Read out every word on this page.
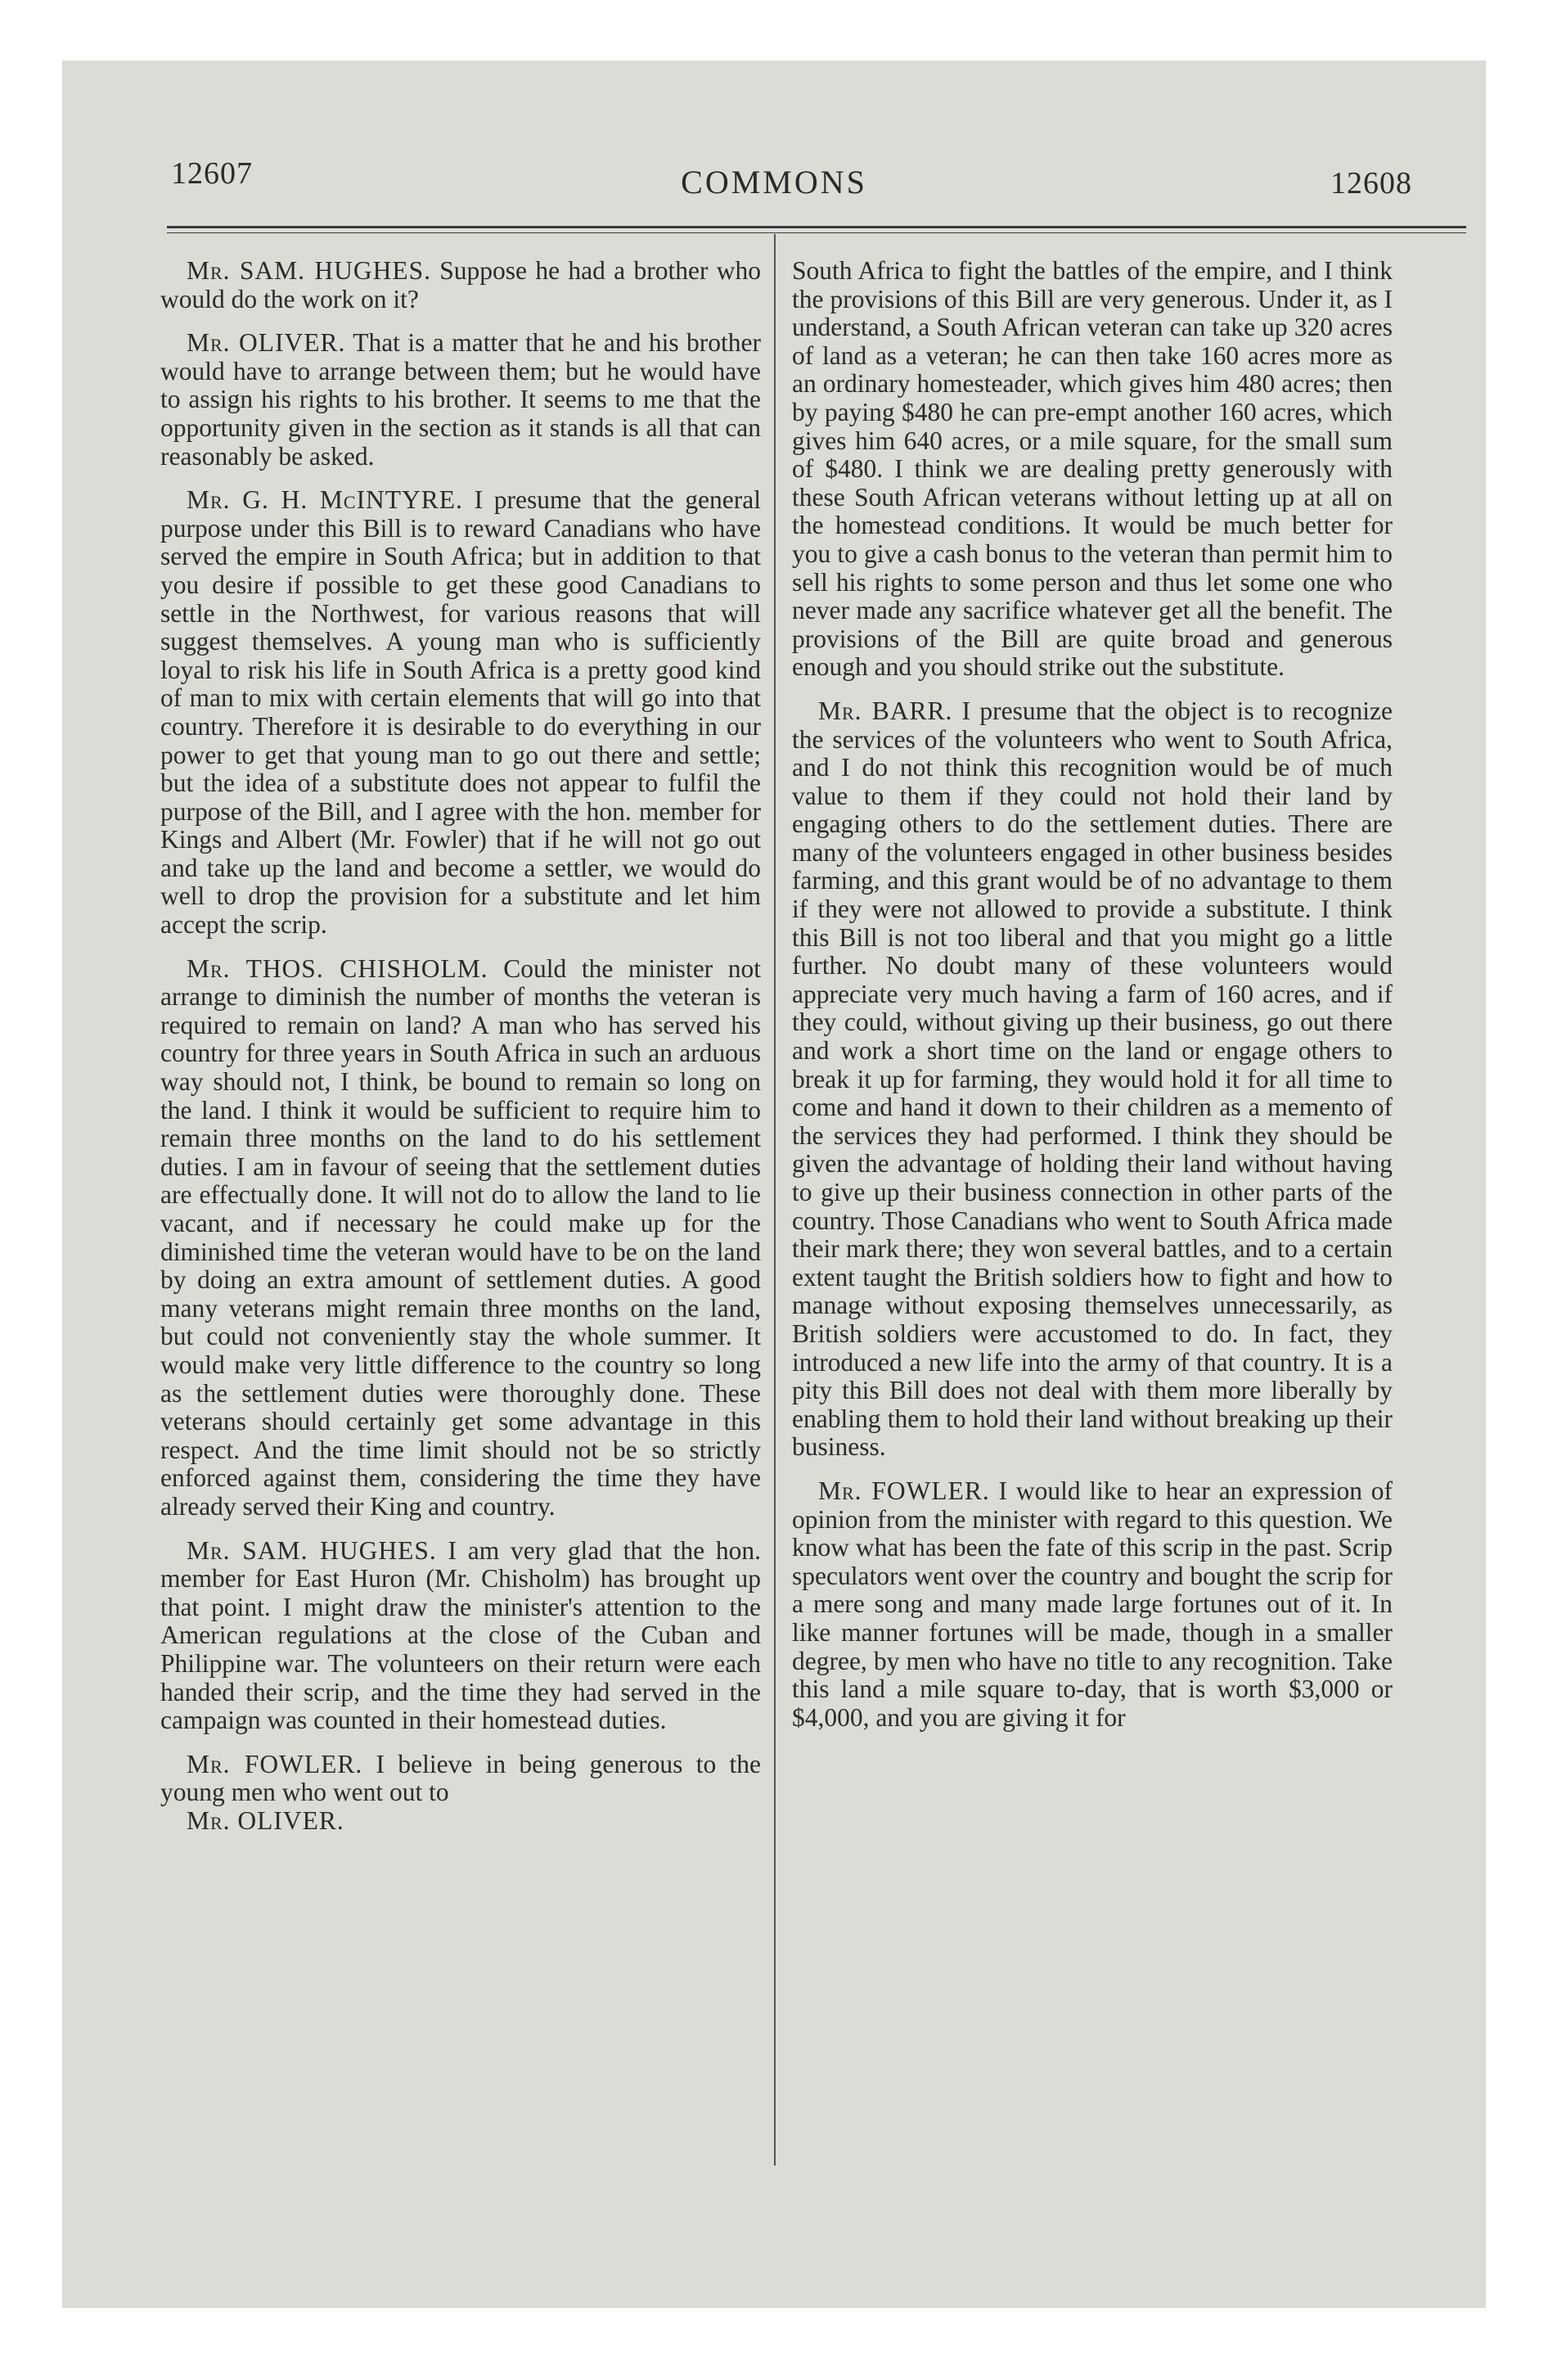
12607	COMMONS	12608

Mr. SAM. HUGHES. Suppose he had a brother who would do the work on it?

Mr. OLIVER. That is a matter that he and his brother would have to arrange between them; but he would have to assign his rights to his brother. It seems to me that the opportunity given in the section as it stands is all that can reasonably be asked.

Mr. G. H. McINTYRE. I presume that the general purpose under this Bill is to reward Canadians who have served the empire in South Africa; but in addition to that you desire if possible to get these good Canadians to settle in the Northwest, for various reasons that will suggest themselves. A young man who is sufficiently loyal to risk his life in South Africa is a pretty good kind of man to mix with certain elements that will go into that country. Therefore it is desirable to do everything in our power to get that young man to go out there and settle; but the idea of a substitute does not appear to fulfil the purpose of the Bill, and I agree with the hon. member for Kings and Albert (Mr. Fowler) that if he will not go out and take up the land and become a settler, we would do well to drop the provision for a substitute and let him accept the scrip.

Mr. THOS. CHISHOLM. Could the minister not arrange to diminish the number of months the veteran is required to remain on land? A man who has served his country for three years in South Africa in such an arduous way should not, I think, be bound to remain so long on the land. I think it would be sufficient to require him to remain three months on the land to do his settlement duties. I am in favour of seeing that the settlement duties are effectually done. It will not do to allow the land to lie vacant, and if necessary he could make up for the diminished time the veteran would have to be on the land by doing an extra amount of settlement duties. A good many veterans might remain three months on the land, but could not conveniently stay the whole summer. It would make very little difference to the country so long as the settlement duties were thoroughly done. These veterans should certainly get some advantage in this respect. And the time limit should not be so strictly enforced against them, considering the time they have already served their King and country.

Mr. SAM. HUGHES. I am very glad that the hon. member for East Huron (Mr. Chisholm) has brought up that point. I might draw the minister's attention to the American regulations at the close of the Cuban and Philippine war. The volunteers on their return were each handed their scrip, and the time they had served in the campaign was counted in their homestead duties.

Mr. FOWLER. I believe in being generous to the young men who went out to

Mr. OLIVER.

South Africa to fight the battles of the empire, and I think the provisions of this Bill are very generous. Under it, as I understand, a South African veteran can take up 320 acres of land as a veteran; he can then take 160 acres more as an ordinary homesteader, which gives him 480 acres; then by paying $480 he can pre-empt another 160 acres, which gives him 640 acres, or a mile square, for the small sum of $480. I think we are dealing pretty generously with these South African veterans without letting up at all on the homestead conditions. It would be much better for you to give a cash bonus to the veteran than permit him to sell his rights to some person and thus let some one who never made any sacrifice whatever get all the benefit. The provisions of the Bill are quite broad and generous enough and you should strike out the substitute.

Mr. BARR. I presume that the object is to recognize the services of the volunteers who went to South Africa, and I do not think this recognition would be of much value to them if they could not hold their land by engaging others to do the settlement duties. There are many of the volunteers engaged in other business besides farming, and this grant would be of no advantage to them if they were not allowed to provide a substitute. I think this Bill is not too liberal and that you might go a little further. No doubt many of these volunteers would appreciate very much having a farm of 160 acres, and if they could, without giving up their business, go out there and work a short time on the land or engage others to break it up for farming, they would hold it for all time to come and hand it down to their children as a memento of the services they had performed. I think they should be given the advantage of holding their land without having to give up their business connection in other parts of the country. Those Canadians who went to South Africa made their mark there; they won several battles, and to a certain extent taught the British soldiers how to fight and how to manage without exposing themselves unnecessarily, as British soldiers were accustomed to do. In fact, they introduced a new life into the army of that country. It is a pity this Bill does not deal with them more liberally by enabling them to hold their land without breaking up their business.

Mr. FOWLER. I would like to hear an expression of opinion from the minister with regard to this question. We know what has been the fate of this scrip in the past. Scrip speculators went over the country and bought the scrip for a mere song and many made large fortunes out of it. In like manner fortunes will be made, though in a smaller degree, by men who have no title to any recognition. Take this land a mile square to-day, that is worth $3,000 or $4,000, and you are giving it for
